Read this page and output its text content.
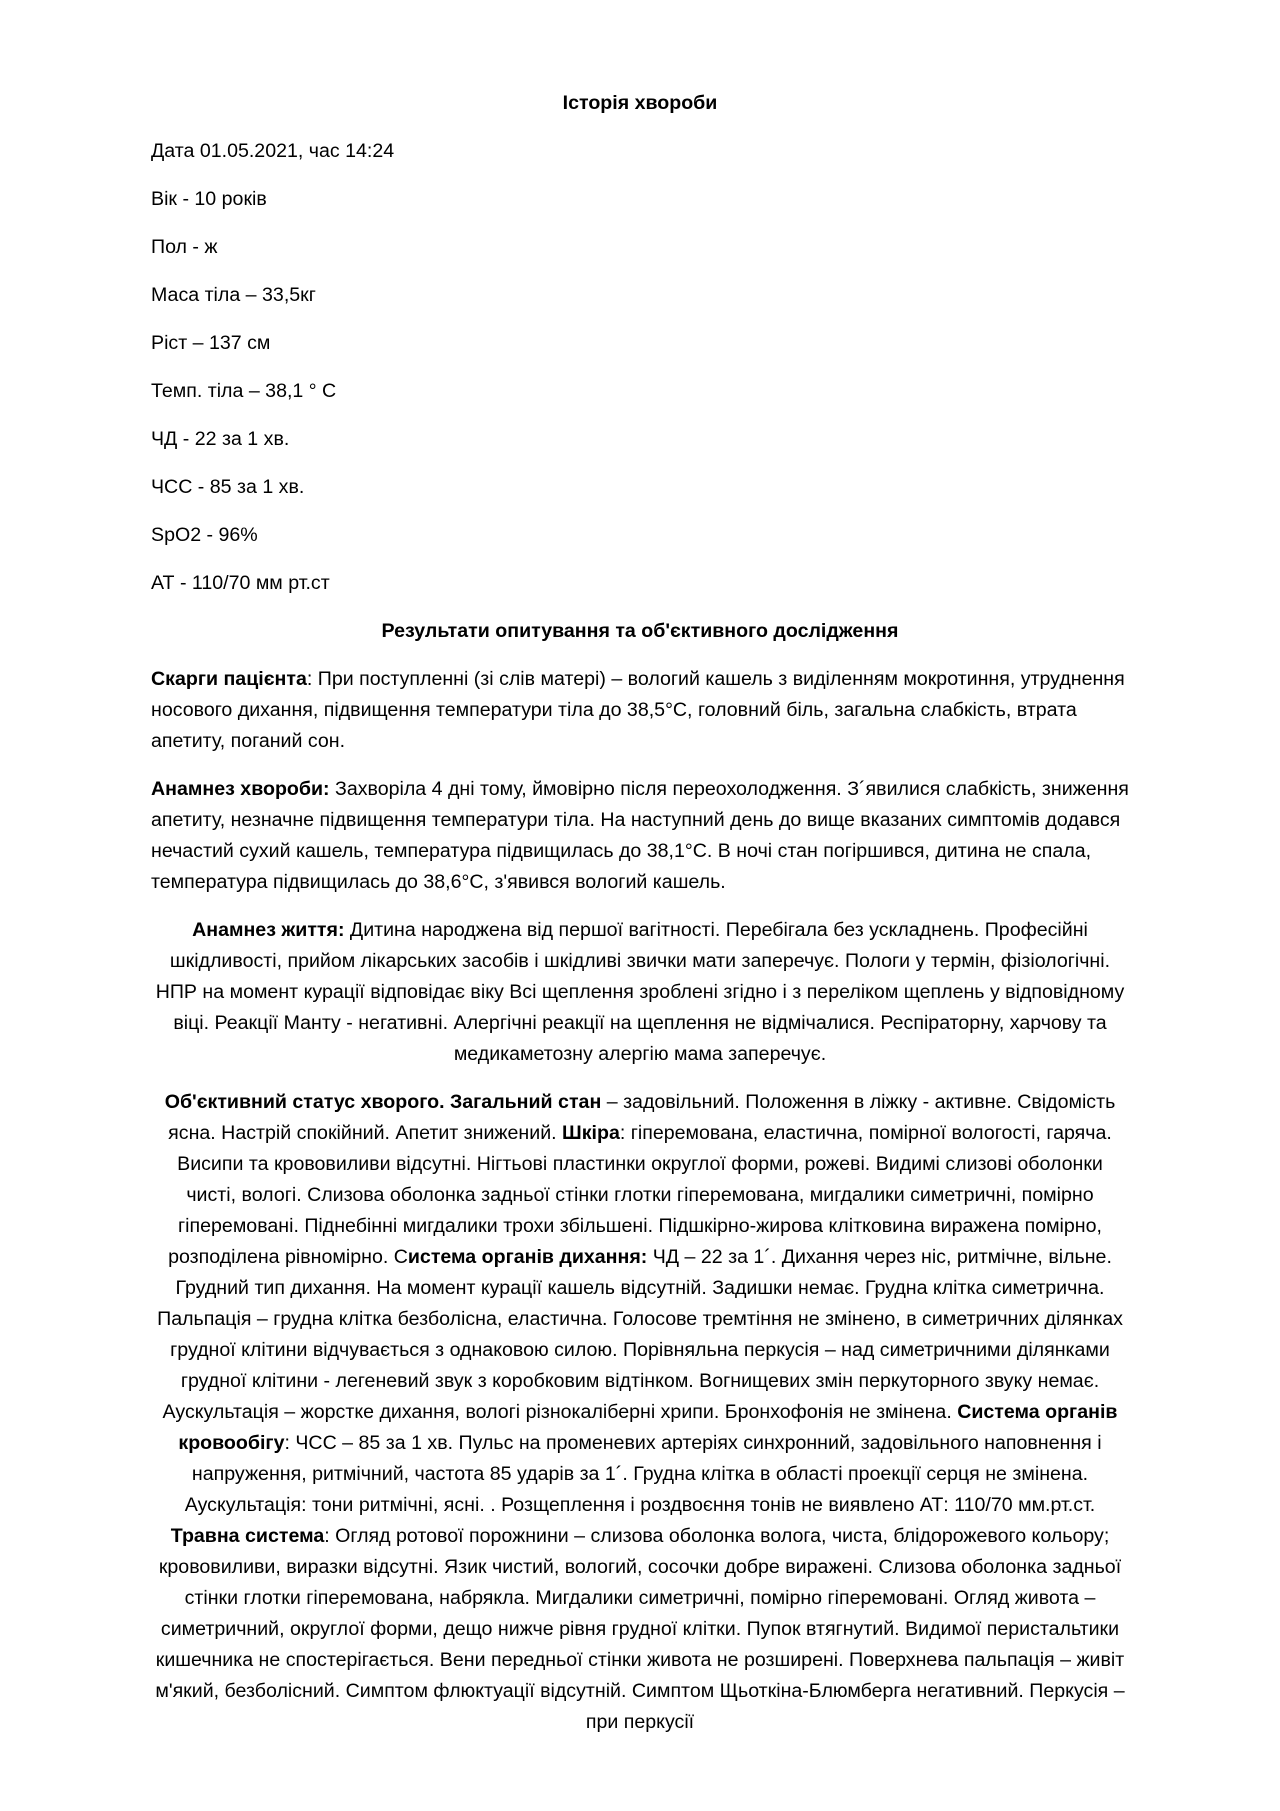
Історія хвороби
Дата 01.05.2021, час 14:24
Вік - 10 років
Пол - ж
Маса тіла – 33,5кг
Ріст – 137 см
Темп. тіла – 38,1 ° С
ЧД - 22 за 1 хв.
ЧСС - 85 за 1 хв.
SpO2 - 96%
АТ - 110/70 мм рт.ст
Результати опитування та об'єктивного дослідження

Скарги пацієнта: При поступленні (зі слів матері) – вологий кашель з виділенням мокротиння, утруднення носового дихання, підвищення температури тіла до 38,5°С, головний біль, загальна слабкість, втрата апетиту, поганий сон.

Анамнез хвороби: Захворіла 4 дні тому, ймовірно після переохолодження. З´явилися слабкість, зниження апетиту, незначне підвищення температури тіла. На наступний день до вище вказаних симптомів додався нечастий сухий кашель, температура підвищилась до 38,1°С. В ночі стан погіршився, дитина не спала, температура підвищилась до 38,6°С, з'явився вологий кашель.

Анамнез життя: Дитина народжена від першої вагітності. Перебігала без ускладнень. Професійні шкідливості, прийом лікарських засобів і шкідливі звички мати заперечує. Пологи у термін, фізіологічні. НПР на момент курації відповідає віку Всі щеплення зроблені згідно і з переліком щеплень у відповідному віці. Реакції Манту - негативні. Алергічні реакції на щеплення не відмічалися. Респіраторну, харчову та медикаметозну алергію мама заперечує.

Об'єктивний статус хворого. Загальний стан – задовільний. Положення в ліжку - активне. Свідомість ясна. Настрій спокійний. Апетит знижений. Шкіра: гіперемована, еластична, помірної вологості, гаряча. Висипи та крововиливи відсутні. Нігтьові пластинки округлої форми, рожеві. Видимі слизові оболонки чисті, вологі. Слизова оболонка задньої стінки глотки гіперемована, мигдалики симетричні, помірно гіперемовані. Піднебінні мигдалики трохи збільшені. Підшкірно-жирова клітковина виражена помірно, розподілена рівномірно. Система органів дихання: ЧД – 22 за 1´. Дихання через ніс, ритмічне, вільне. Грудний тип дихання. На момент курації кашель відсутній. Задишки немає. Грудна клітка симетрична. Пальпація – грудна клітка безболісна, еластична. Голосове тремтіння не змінено, в симетричних ділянках грудної клітини відчувається з однаковою силою. Порівняльна перкусія – над симетричними ділянками грудної клітини - легеневий звук з коробковим відтінком. Вогнищевих змін перкуторного звуку немає. Аускультація – жорстке дихання, вологі різнокаліберні хрипи. Бронхофонія не змінена. Система органів кровообігу: ЧСС – 85 за 1 хв. Пульс на променевих артеріях синхронний, задовільного наповнення і напруження, ритмічний, частота 85 ударів за 1´. Грудна клітка в області проекції серця не змінена. Аускультація: тони ритмічні, ясні. . Розщеплення і роздвоєння тонів не виявлено АТ: 110/70 мм.рт.ст. Травна система: Огляд ротової порожнини – слизова оболонка волога, чиста, блідорожевого кольору; крововиливи, виразки відсутні. Язик чистий, вологий, сосочки добре виражені. Слизова оболонка задньої стінки глотки гіперемована, набрякла. Мигдалики симетричні, помірно гіперемовані. Огляд живота – симетричний, округлої форми, дещо нижче рівня грудної клітки. Пупок втягнутий. Видимої перистальтики кишечника не спостерігається. Вени передньої стінки живота не розширені. Поверхнева пальпація – живіт м'який, безболісний. Симптом флюктуації відсутній. Симптом Щьоткіна-Блюмберга негативний. Перкусія – при перкусії
